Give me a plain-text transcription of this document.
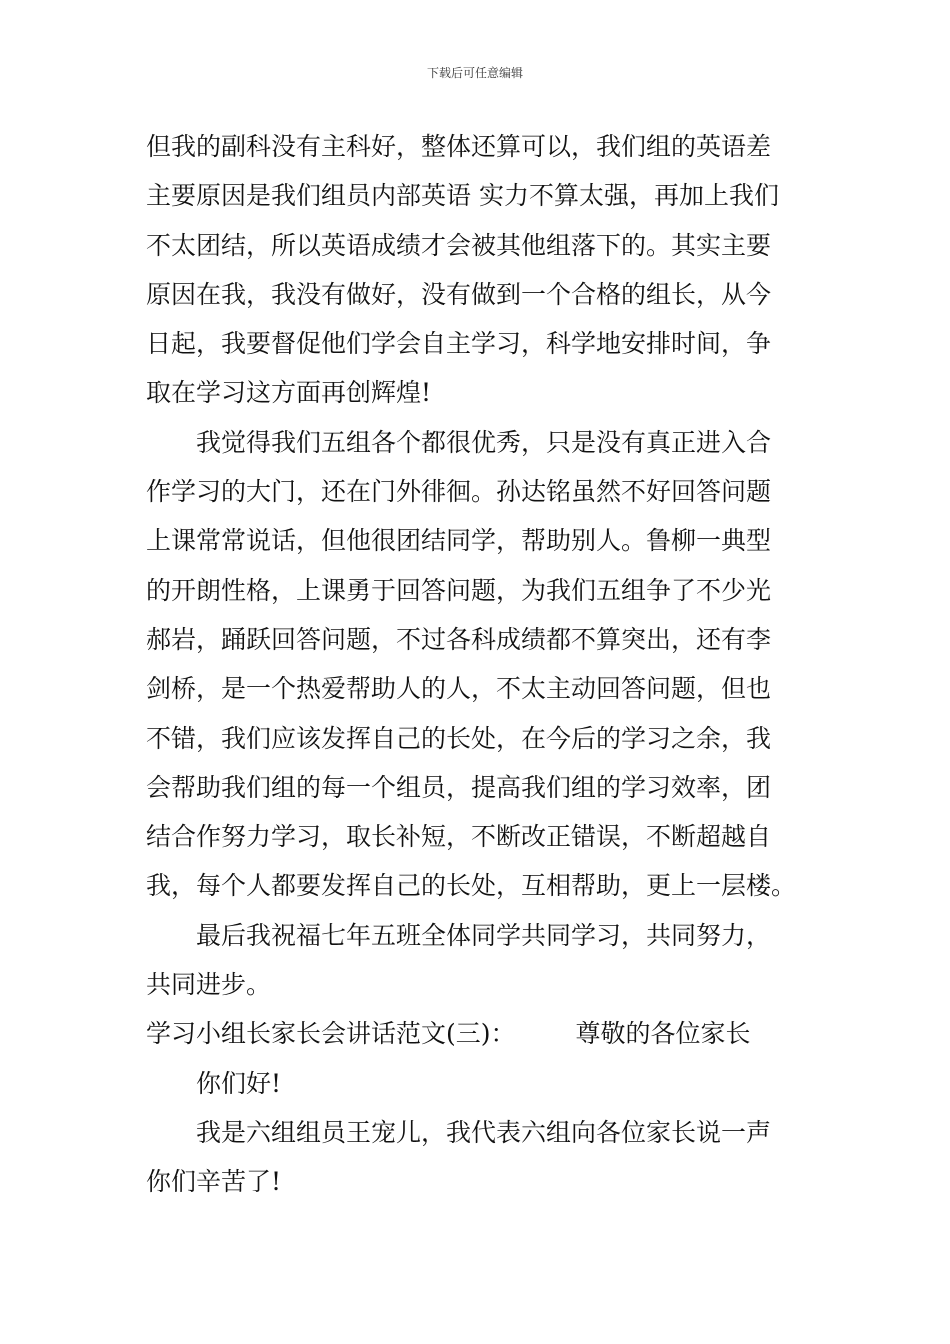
下载后可任意编辑
但我的副科没有主科好，整体还算可以，我们组的英语差
主要原因是我们组员内部英语 实力不算太强，再加上我们
不太团结，所以英语成绩才会被其他组落下的。其实主要
原因在我，我没有做好，没有做到一个合格的组长，从今
日起，我要督促他们学会自主学习，科学地安排时间，争
取在学习这方面再创辉煌!
我觉得我们五组各个都很优秀，只是没有真正进入合
作学习的大门，还在门外徘徊。孙达铭虽然不好回答问题
上课常常说话，但他很团结同学，帮助别人。鲁柳一典型
的开朗性格，上课勇于回答问题，为我们五组争了不少光
郝岩，踊跃回答问题，不过各科成绩都不算突出，还有李
剑桥，是一个热爱帮助人的人，不太主动回答问题，但也
不错，我们应该发挥自己的长处，在今后的学习之余，我
会帮助我们组的每一个组员，提高我们组的学习效率，团
结合作努力学习，取长补短，不断改正错误，不断超越自
我，每个人都要发挥自己的长处，互相帮助，更上一层楼。
最后我祝福七年五班全体同学共同学习，共同努力，
共同进步。
学习小组长家长会讲话范文(三)： 尊敬的各位家长
你们好!
我是六组组员王宠儿，我代表六组向各位家长说一声
你们辛苦了!
